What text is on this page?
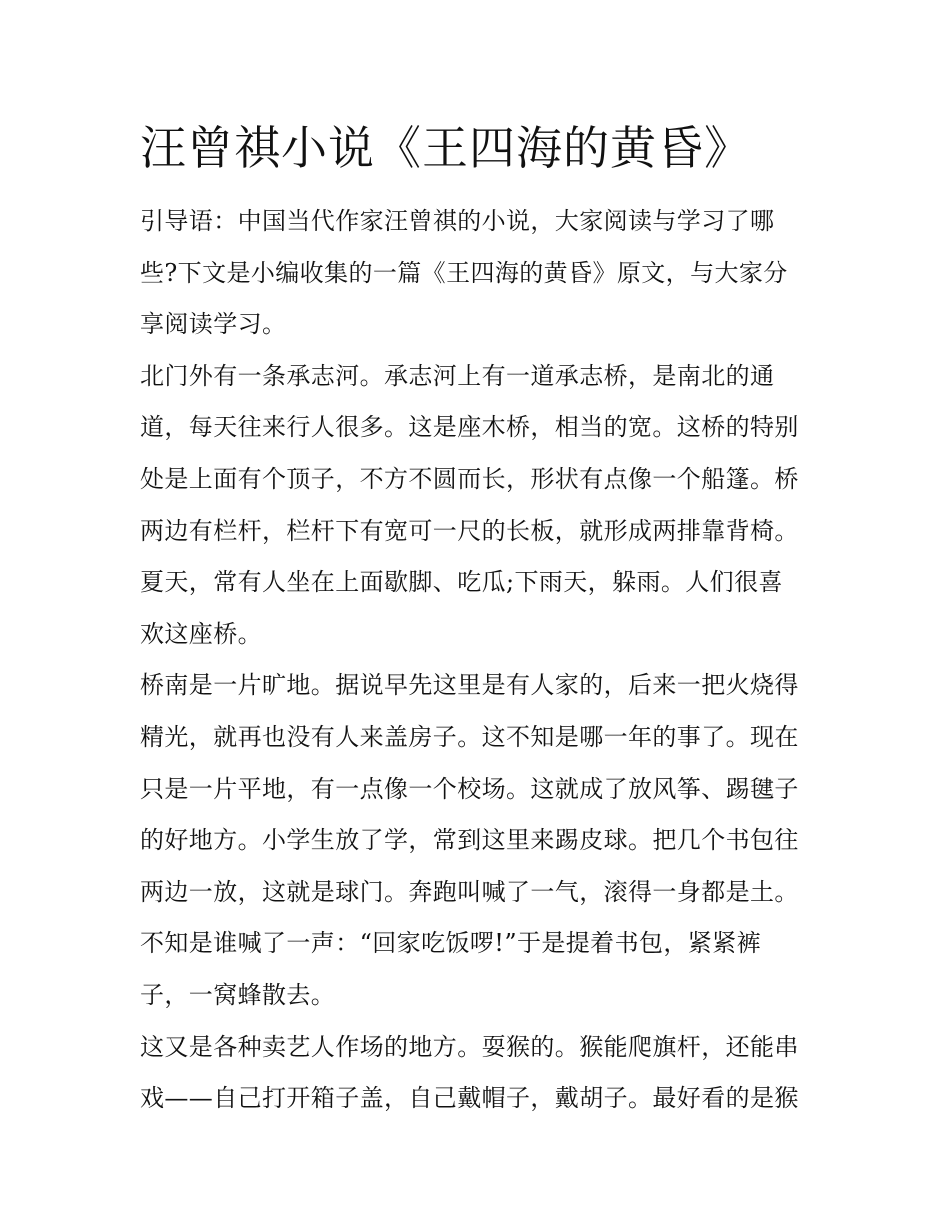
汪曾祺小说《王四海的黄昏》

引导语：中国当代作家汪曾祺的小说，大家阅读与学习了哪
些?下文是小编收集的一篇《王四海的黄昏》原文，与大家分
享阅读学习。

北门外有一条承志河。承志河上有一道承志桥，是南北的通
道，每天往来行人很多。这是座木桥，相当的宽。这桥的特别
处是上面有个顶子，不方不圆而长，形状有点像一个船篷。桥
两边有栏杆，栏杆下有宽可一尺的长板，就形成两排靠背椅。
夏天，常有人坐在上面歇脚、吃瓜;下雨天，躲雨。人们很喜
欢这座桥。

桥南是一片旷地。据说早先这里是有人家的，后来一把火烧得
精光，就再也没有人来盖房子。这不知是哪一年的事了。现在
只是一片平地，有一点像一个校场。这就成了放风筝、踢毽子
的好地方。小学生放了学，常到这里来踢皮球。把几个书包往
两边一放，这就是球门。奔跑叫喊了一气，滚得一身都是土。
不知是谁喊了一声：“回家吃饭啰!”于是提着书包，紧紧裤
子，一窝蜂散去。

这又是各种卖艺人作场的地方。耍猴的。猴能爬旗杆，还能串
戏——自己打开箱子盖，自己戴帽子，戴胡子。最好看的是猴
